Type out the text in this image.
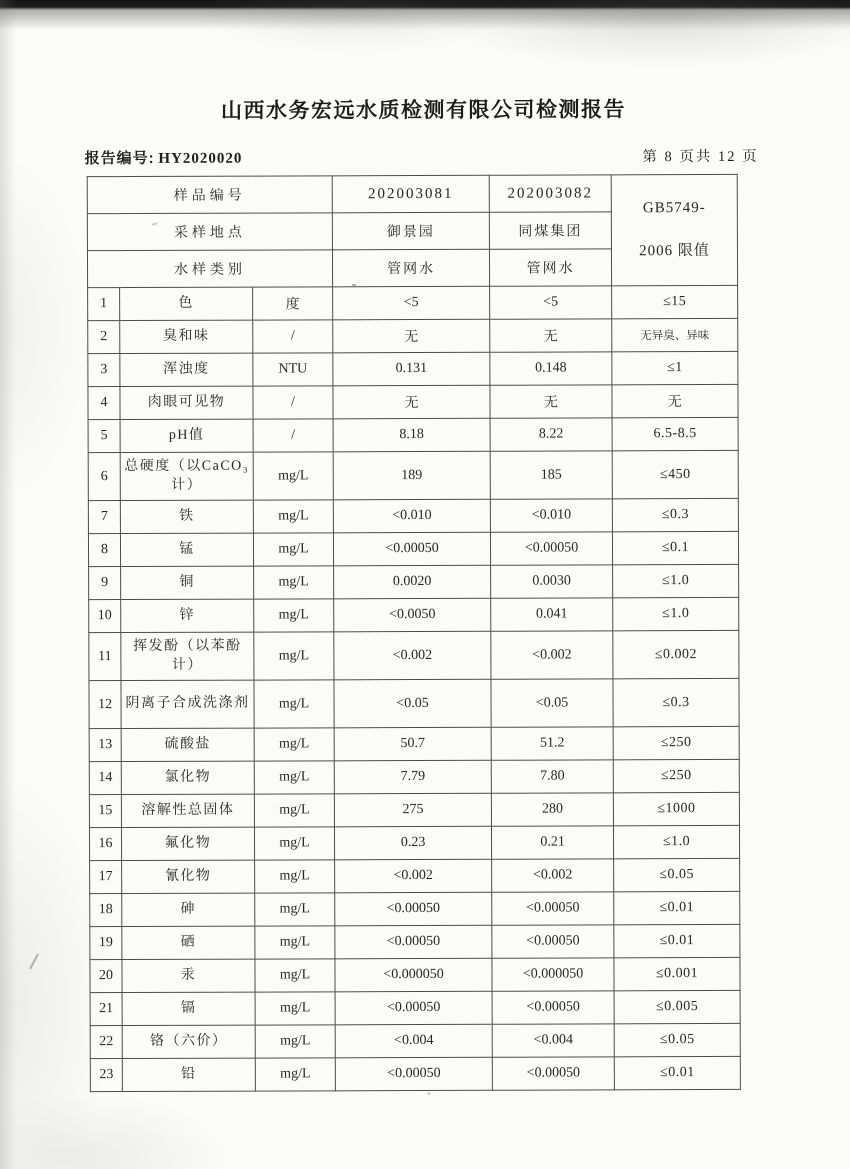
山西水务宏远水质检测有限公司检测报告
报告编号: HY2020020	第 8 页共 12 页
样品编号			202003081	202003082	GB5749-
2006 限值

采样地点			御景园	同煤集团	
水样类别			管网水	管网水	
1	色	度	<5	<5	≤15
2	臭和味	/	无	无	无异臭、异味
3	浑浊度	NTU	0.131	0.148	≤1
4	肉眼可见物	/	无	无	无
5	pH值	/	8.18	8.22	6.5-8.5
6	总硬度（以CaCO₃计）	mg/L	189	185	≤450
7	铁	mg/L	<0.010	<0.010	≤0.3
8	锰	mg/L	<0.00050	<0.00050	≤0.1
9	铜	mg/L	0.0020	0.0030	≤1.0
10	锌	mg/L	<0.0050	0.041	≤1.0
11	挥发酚（以苯酚计）	mg/L	<0.002	<0.002	≤0.002
12	阴离子合成洗涤剂	mg/L	<0.05	<0.05	≤0.3
13	硫酸盐	mg/L	50.7	51.2	≤250
14	氯化物	mg/L	7.79	7.80	≤250
15	溶解性总固体	mg/L	275	280	≤1000
16	氟化物	mg/L	0.23	0.21	≤1.0
17	氰化物	mg/L	<0.002	<0.002	≤0.05
18	砷	mg/L	<0.00050	<0.00050	≤0.01
19	硒	mg/L	<0.00050	<0.00050	≤0.01
20	汞	mg/L	<0.000050	<0.000050	≤0.001
21	镉	mg/L	<0.00050	<0.00050	≤0.005
22	铬（六价）	mg/L	<0.004	<0.004	≤0.05
23	铅	mg/L	<0.00050	<0.00050	≤0.01
